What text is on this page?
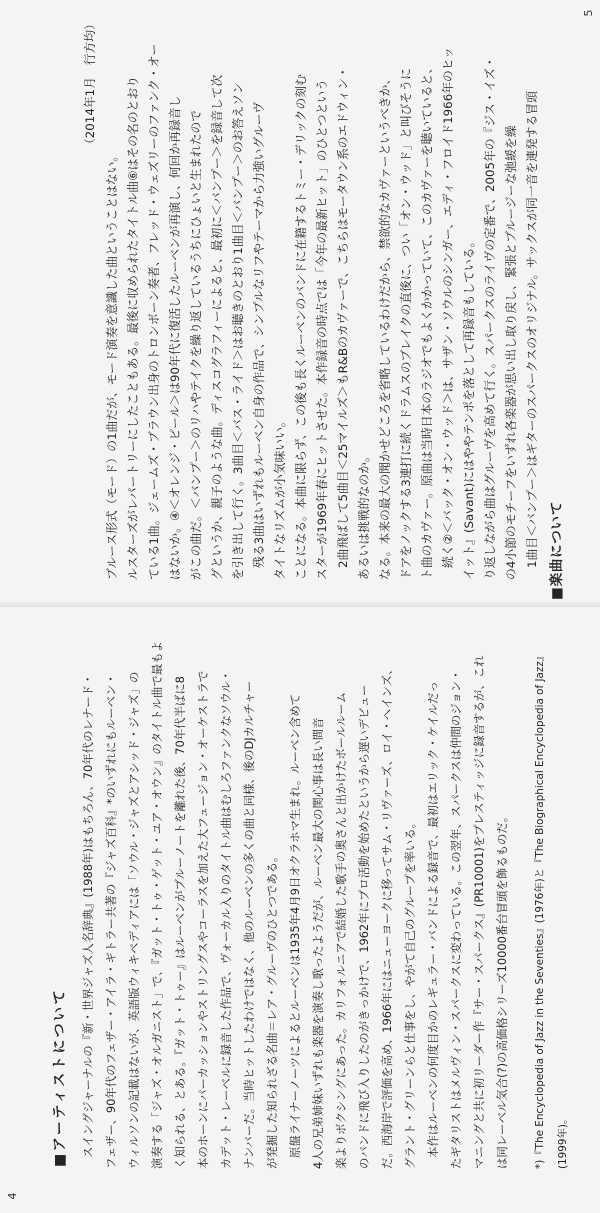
5
■楽曲について
1曲目＜バンプー＞はギターのスパークスのオリジナル。サックスが同一音を連発する冒頭
の4小節のモチーフをいずれ各楽器が思い出し取り戻し、緊張とブルージーな弛緩を繰
り返しながら曲はグルーヴを高めて行く。スパークスのライヴの定番で、2005年の『ジス・イズ・
イット』(Savant)にはややテンポを落として再録音もしている。
続く②＜バック・オン・ウッド＞は、サザン・ソウルのシンガー、エディ・フロイド1966年のヒッ
ト曲のカヴァー。原曲は当時日本のラジオでもよくかかっていて、このカヴァーを聴いていると、
ドアをノックする3連打に続くドラムスのブレイクの直後に、つい「オン・ウッド」と叫びそうに
なる。本来の最大の聞かせどころを省略しているわけだから、禁欲的なカヴァーというべきか、
あるいは挑戦的なのか。
2曲飛ばして5曲目＜25マイルズ＞もR&Bのカヴァーで、こちらはモータウン系のエドウィン・
スターが1969年春にヒットさせた。本作録音の時点では「今年の最新ヒット」のひとつという
ことになる。本曲に限らず、この後も長くルーベンのバンドに在籍するトミー・デリックの刻む
タイトなリズムが小気味いい。
残る3曲はいずれもルーベン自身の作品で、シンプルなリフやテーマから力強いグルーヴ
を引き出して行く。3曲目＜バス・ライド＞はお聴きのとおり1曲目＜バンプー＞のお答えソン
グというか、親子のような曲。ディスコグラフィーによると、最初に＜バンプー＞を録音して次
がこの曲だ。＜バンプー＞のリハやテイクを繰り返しているうちにひょいと生まれたので
はないか。④＜オレンジ・ピール＞は90年代に復活したルーベンが再演し、何回か再録音し
ている1曲。ジェームズ・ブラウン出身のトロンボーン奏者、フレッド・ウェズリーのファンク・オー
ルスターズがレパートリーにしたこともある。最後に収められたタイトル曲⑥はその名のとおり
ブルース形式（モード）の1曲だが、モード演奏を意識した曲ということはない。
（2014年1月　行方均）
4
■アーティストについて スイングジャーナルの『新・世界ジャズ人名辞典』(1988年)はもちろん、70年代のレナード・ フェザー、90年代のフェザー・アイラ・ギトラー共著の『ジャズ百科』*のいずれにもルーベン・ ウィルソンの記載はないが、英語版ウィキペディアには「ソウル・ジャズとアシッド・ジャズ」の 演奏する「ジャズ・オルガニスト」で、『ガット・トゥ・ゲット・ユア・オウン』のタイトル曲で最もよ く知られる、とある。『ガット・トゥー』はルーベンがブルーノートを離れた後、70年代半ばに8 本のホーンにパーカッションやストリングスやコーラスを加えた大フュージョン・オーケストラで カデット・レーベルに録音した作品で、ヴォーカル入りのタイトル曲はむしろファンクなソウル・ ナンバーだ。当時ヒットしたわけではなく、他のルーベンの多くの曲と同様、後のDJカルチャー が発掘した知られざる名曲＝レア・グルーヴのひとつである。 原盤ライナーノーツによるとルーベンは1935年4月9日オクラホマ生まれ。ルーベン含めて 4人の兄弟姉妹いずれも楽器を演奏し歌ったようだが、ルーベン最大の関心事は長い間音 楽よりボクシングにあった。カリフォルニアで結婚した歌手の奥さんと出かけたボールルーム のバンドに飛び入りしたのがきっかけで、1962年にプロ活動を始めたというから遅いデビュー だ。西海岸で評価を高め、1966年にはニューヨークに移ってサム・リヴァーズ、ロイ・ヘインズ、 グラント・グリーンらと仕事をし、やがて自己のグループを率いる。 本作はルーベンの何度目かのレギュラー・バンドによる録音で、最初はエリック・ケイルだっ たギタリストはメルヴィン・スパークスに変わっている。この翌年、スパークスは仲間のジョン・ マニングと共に初リーダー作『サー・スパークス』(PR10001)をプレスティッジに録音するが、これ は同レーベル気合(?)の高価格シリーズ10000番台冒頭を飾るものだ。	*)『The Encyclopedia of Jazz in the Seventies』(1976年)と『The Biographical Encyclopedia of Jazz』	(1999年)。
